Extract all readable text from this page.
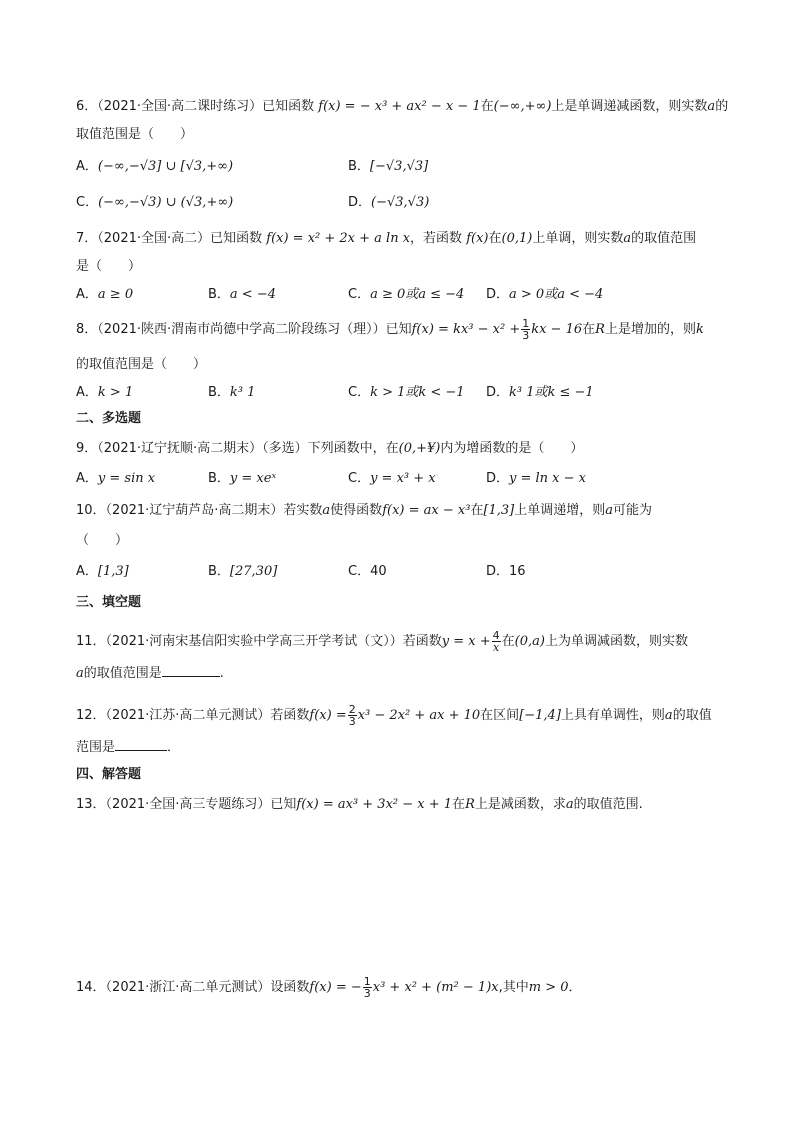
6．（2021·全国·高二课时练习）已知函数 f(x) = − x³ + ax² − x − 1在(−∞,+∞)上是单调递减函数，则实数a的
取值范围是（　　）
A．(−∞,−√3] ∪ [√3,+∞)	B．[−√3,√3]
C．(−∞,−√3) ∪ (√3,+∞)	D．(−√3,√3)
7．（2021·全国·高二）已知函数 f(x) = x² + 2x + a ln x，若函数 f(x)在(0,1)上单调，则实数a的取值范围
是（　　）
A．a ≥ 0	B．a < −4	C．a ≥ 0或a ≤ −4 D．a > 0或a < −4
8．（2021·陕西·渭南市尚德中学高二阶段练习（理））已知$f(x) = kx^3 - x^2 + \frac{1}{3}$ kx − 16在R上是增加的，则k
的取值范围是（　　）
A．k > 1	B．k³ 1	C．k > 1或k < −1 D．k³ 1或k ≤ −1
二、多选题
9．（2021·辽宁抚顺·高二期末）（多选）下列函数中，在(0,+¥)内为增函数的是（　　）
A．y = sin x	B．y = xeˣ	C．y = x³ + x	D．y = ln x − x
10．（2021·辽宁葫芦岛·高二期末）若实数a使得函数f(x) = ax − x³在[1,3]上单调递增，则a可能为
（　　）
A．[1,3]	B．[27,30]	C．40	D．16
三、填空题
11．（2021·河南宋基信阳实验中学高三开学考试（文））若函数$y = x + \frac{4}{x}$ 在(0,a)上为单调减函数，则实数
a的取值范围是	.
12．（2021·江苏·高二单元测试）若函数$f(x) = \frac{2}{3} x^3 - 2x^2$ + ax + 10在区间[−1,4]上具有单调性，则a的取值
范围是	．
四、解答题
13．（2021·全国·高三专题练习）已知f(x) = ax³ + 3x² − x + 1在R上是减函数，求a的取值范围.
14．（2021·浙江·高二单元测试）设函数f(x) = − $\frac{1}{3} x^3 + x^2 + (m^2 - 1)x$,其中m > 0．
